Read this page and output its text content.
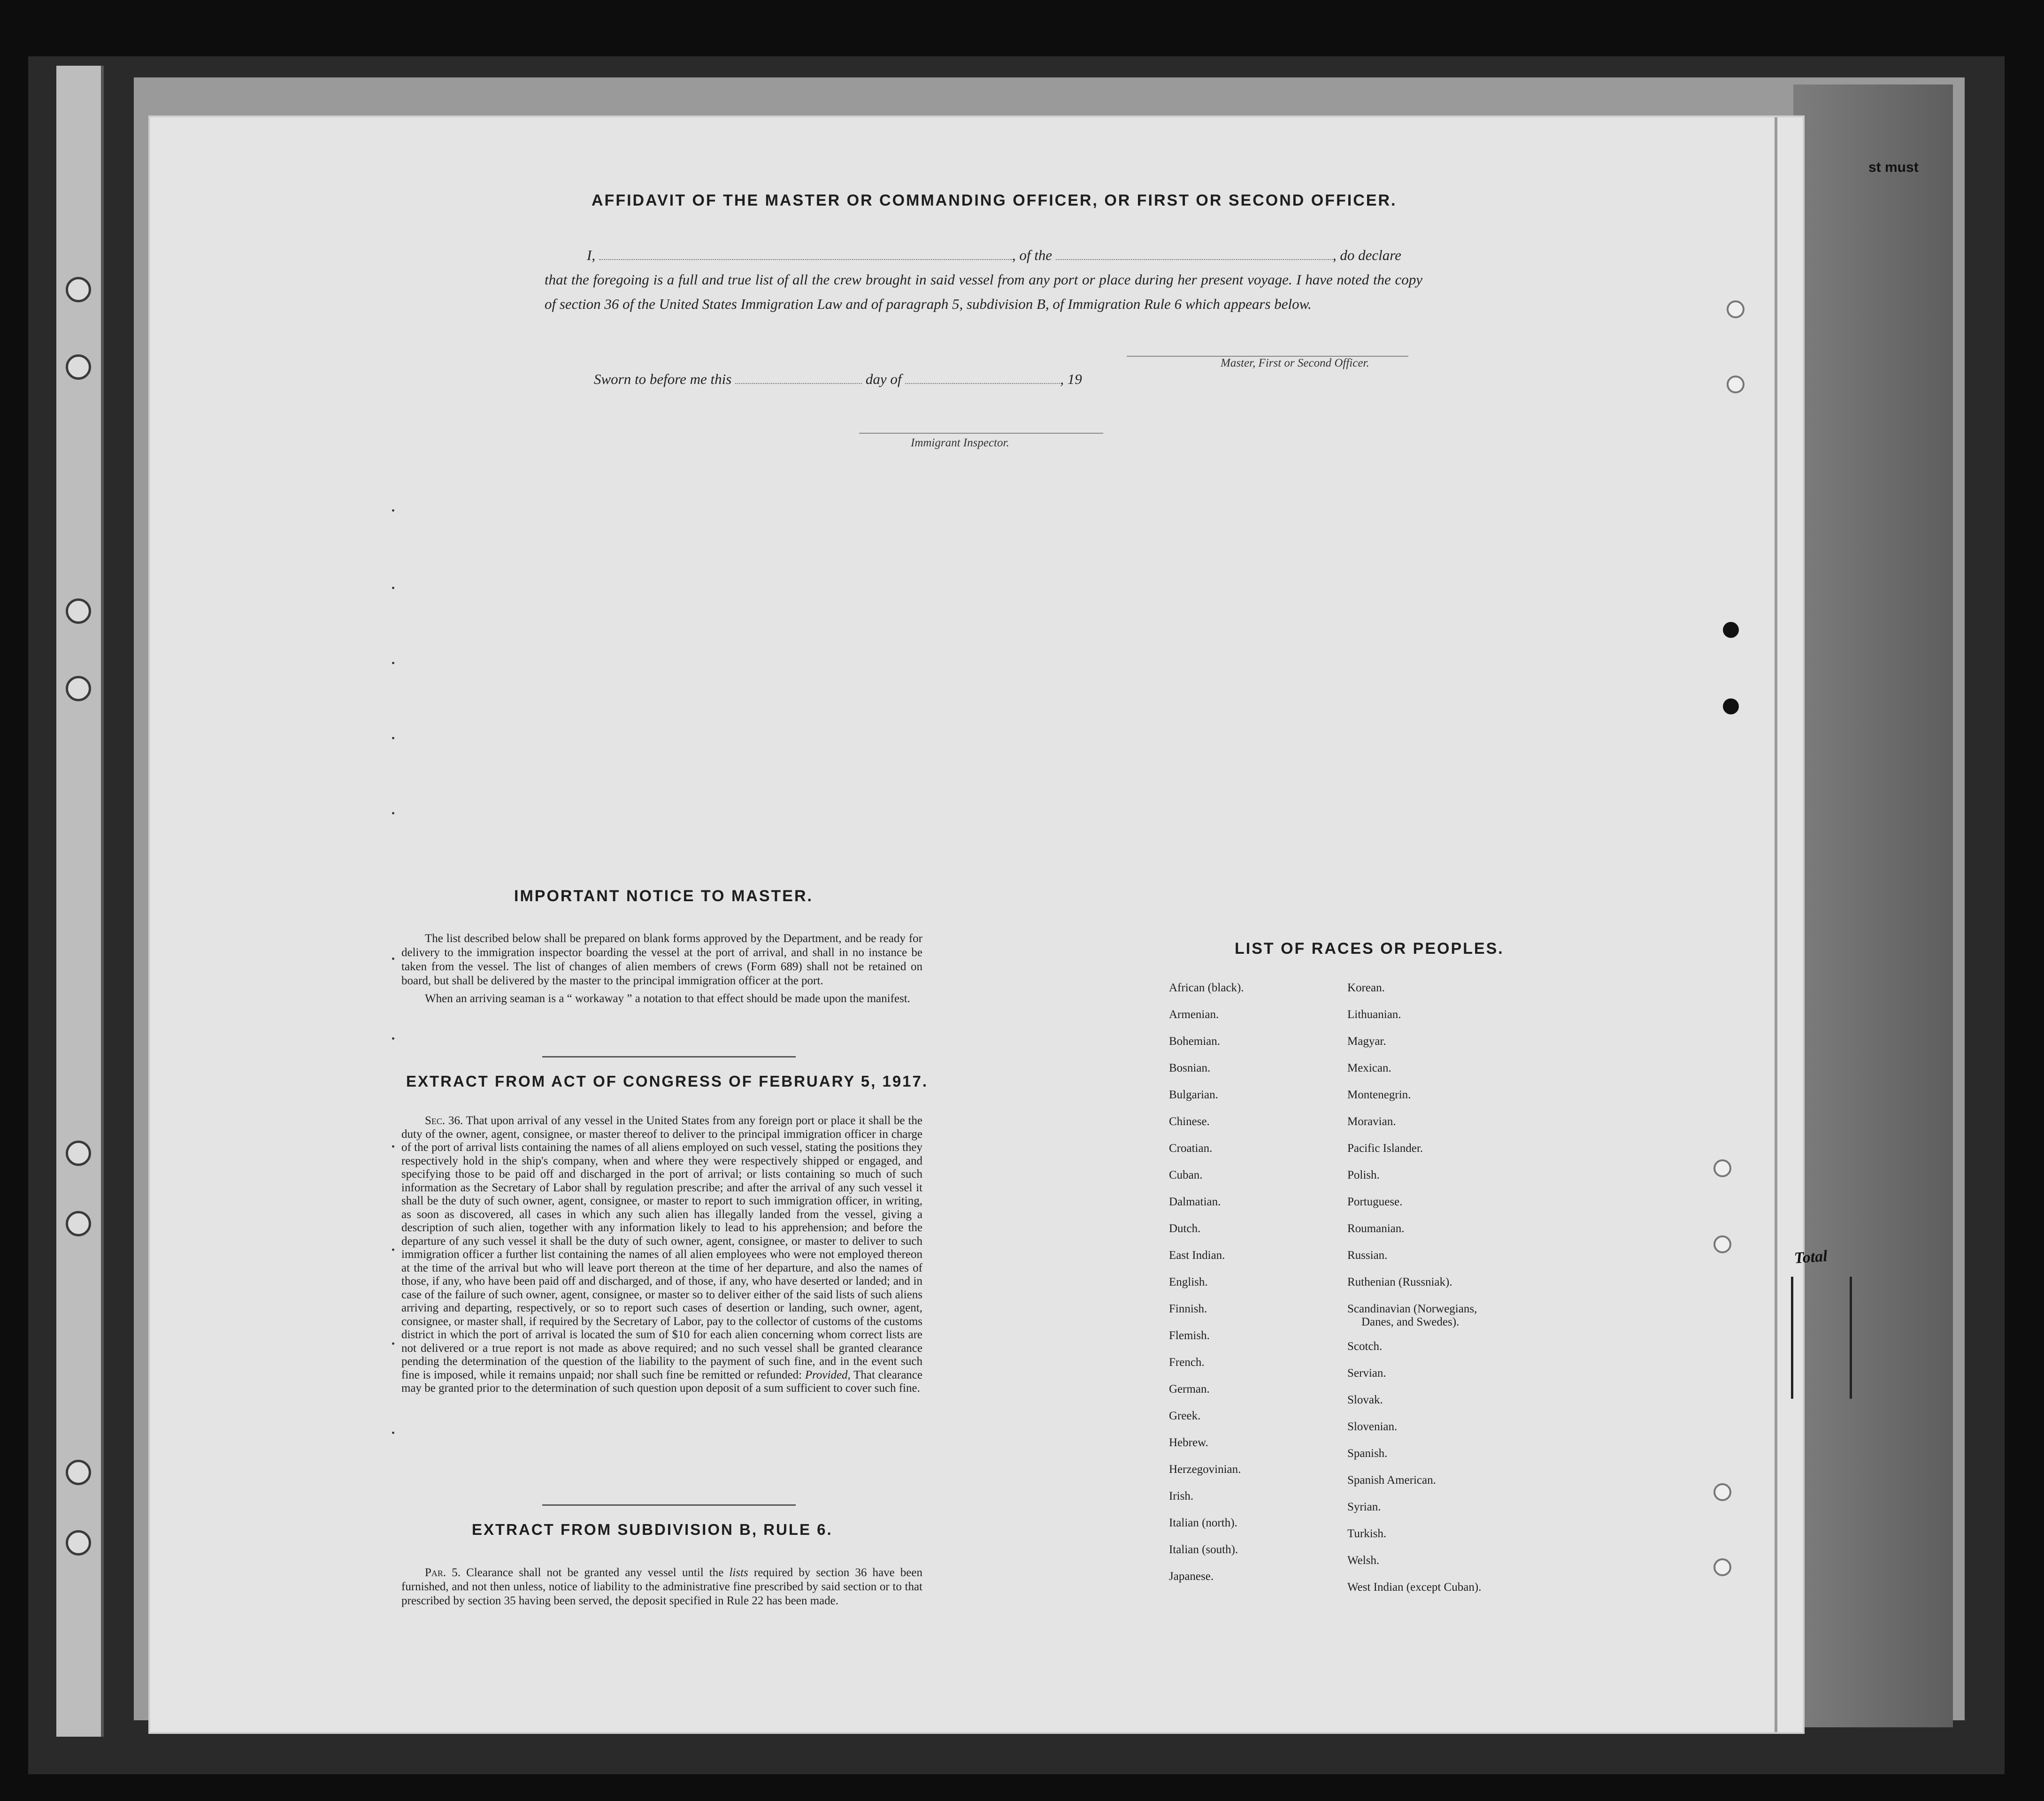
st must
AFFIDAVIT OF THE MASTER OR COMMANDING OFFICER, OR FIRST OR SECOND OFFICER.
I,	, of the	, do declare
that the foregoing is a full and true list of all the crew brought in said vessel from any port or place during her present voyage. I have noted the copy of section 36 of the United States Immigration Law and of paragraph 5, subdivision B, of Immigration Rule 6 which appears below.
Master, First or Second Officer.
Sworn to before me this	day of	, 19
Immigrant Inspector.
IMPORTANT NOTICE TO MASTER.

The list described below shall be prepared on blank forms approved by the Department, and be ready for delivery to the immigration inspector boarding the vessel at the port of arrival, and shall in no instance be taken from the vessel. The list of changes of alien members of crews (Form 689) shall not be retained on board, but shall be delivered by the master to the principal immigration officer at the port.

When an arriving seaman is a “ workaway ” a notation to that effect should be made upon the manifest.

EXTRACT FROM ACT OF CONGRESS OF FEBRUARY 5, 1917.

Sec. 36. That upon arrival of any vessel in the United States from any foreign port or place it shall be the duty of the owner, agent, consignee, or master thereof to deliver to the principal immigration officer in charge of the port of arrival lists containing the names of all aliens employed on such vessel, stating the positions they respectively hold in the ship's company, when and where they were respectively shipped or engaged, and specifying those to be paid off and discharged in the port of arrival; or lists containing so much of such information as the Secretary of Labor shall by regulation prescribe; and after the arrival of any such vessel it shall be the duty of such owner, agent, consignee, or master to report to such immigration officer, in writing, as soon as discovered, all cases in which any such alien has illegally landed from the vessel, giving a description of such alien, together with any information likely to lead to his apprehension; and before the departure of any such vessel it shall be the duty of such owner, agent, consignee, or master to deliver to such immigration officer a further list containing the names of all alien employees who were not employed thereon at the time of the arrival but who will leave port thereon at the time of her departure, and also the names of those, if any, who have been paid off and discharged, and of those, if any, who have deserted or landed; and in case of the failure of such owner, agent, consignee, or master so to deliver either of the said lists of such aliens arriving and departing, respectively, or so to report such cases of desertion or landing, such owner, agent, consignee, or master shall, if required by the Secretary of Labor, pay to the collector of customs of the customs district in which the port of arrival is located the sum of $10 for each alien concerning whom correct lists are not delivered or a true report is not made as above required; and no such vessel shall be granted clearance pending the determination of the question of the liability to the payment of such fine, and in the event such fine is imposed, while it remains unpaid; nor shall such fine be remitted or refunded: Provided, That clearance may be granted prior to the determination of such question upon deposit of a sum sufficient to cover such fine.

EXTRACT FROM SUBDIVISION B, RULE 6.

Par. 5. Clearance shall not be granted any vessel until the lists required by section 36 have been furnished, and not then unless, notice of liability to the administrative fine prescribed by said section or to that prescribed by section 35 having been served, the deposit specified in Rule 22 has been made.

LIST OF RACES OR PEOPLES.
African (black).
Armenian.
Bohemian.
Bosnian.
Bulgarian.
Chinese.
Croatian.
Cuban.
Dalmatian.
Dutch.
East Indian.
English.
Finnish.
Flemish.
French.
German.
Greek.
Hebrew.
Herzegovinian.
Irish.
Italian (north).
Italian (south).
Japanese.
Korean.
Lithuanian.
Magyar.
Mexican.
Montenegrin.
Moravian.
Pacific Islander.
Polish.
Portuguese.
Roumanian.
Russian.
Ruthenian (Russniak).
Scandinavian (Norwegians,
Danes, and Swedes).
Scotch.
Servian.
Slovak.
Slovenian.
Spanish.
Spanish American.
Syrian.
Turkish.
Welsh.
West Indian (except Cuban).
Total
